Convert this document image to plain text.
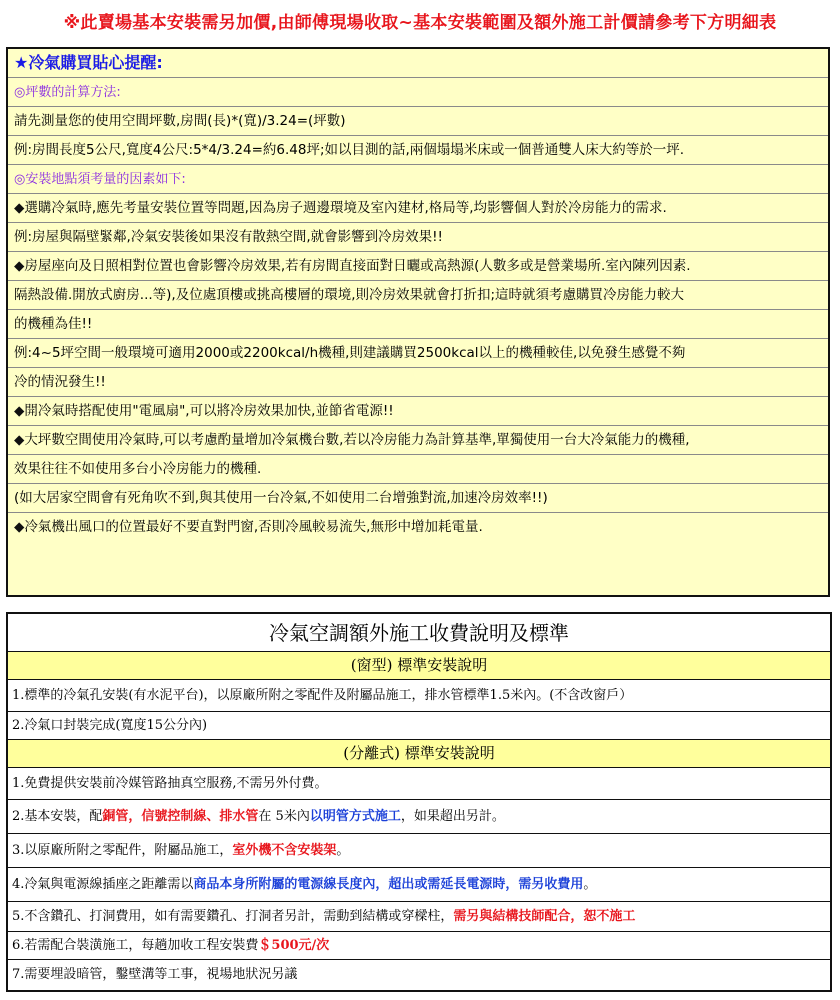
※此賣場基本安裝需另加價,由師傅現場收取~基本安裝範圍及額外施工計價請參考下方明細表
★冷氣購買貼心提醒:
◎坪數的計算方法:
請先測量您的使用空間坪數,房間(長)*(寬)/3.24=(坪數)
例:房間長度5公尺,寬度4公尺:5*4/3.24=約6.48坪;如以目測的話,兩個塌塌米床或一個普通雙人床大約等於一坪.
◎安裝地點須考量的因素如下:
◆選購冷氣時,應先考量安裝位置等問題,因為房子週邊環境及室內建材,格局等,均影響個人對於冷房能力的需求.
例:房屋與隔壁緊鄰,冷氣安裝後如果沒有散熱空間,就會影響到冷房效果!!
◆房屋座向及日照相對位置也會影響冷房效果,若有房間直接面對日曬或高熱源(人數多或是營業場所.室內陳列因素.
隔熱設備.開放式廚房...等),及位處頂樓或挑高樓層的環境,則冷房效果就會打折扣;這時就須考慮購買冷房能力較大
的機種為佳!!
例:4~5坪空間一般環境可適用2000或2200kcal/h機種,則建議購買2500kcal以上的機種較佳,以免發生感覺不夠
冷的情況發生!!
◆開冷氣時搭配使用"電風扇",可以將冷房效果加快,並節省電源!!
◆大坪數空間使用冷氣時,可以考慮酌量增加冷氣機台數,若以冷房能力為計算基準,單獨使用一台大冷氣能力的機種,
效果往往不如使用多台小冷房能力的機種.
(如大居家空間會有死角吹不到,與其使用一台冷氣,不如使用二台增強對流,加速冷房效率!!)
◆冷氣機出風口的位置最好不要直對門窗,否則冷風較易流失,無形中增加耗電量.
冷氣空調額外施工收費說明及標準
(窗型) 標準安裝說明
1.標準的冷氣孔安裝(有水泥平台)，以原廠所附之零配件及附屬品施工，排水管標準1.5米內。(不含改窗戶）
2.冷氣口封裝完成(寬度15公分內)
(分離式) 標準安裝說明
1.免費提供安裝前冷媒管路抽真空服務,不需另外付費。
2.基本安裝，配銅管，信號控制線、排水管在 5米內以明管方式施工，如果超出另計。
3.以原廠所附之零配件，附屬品施工，室外機不含安裝架。
4.冷氣與電源線插座之距離需以商品本身所附屬的電源線長度內，超出或需延長電源時，需另收費用。
5.不含鑽孔、打洞費用，如有需要鑽孔、打洞者另計，需動到結構或穿樑柱，需另與結構技師配合，恕不施工
6.若需配合裝潢施工，每趟加收工程安裝費＄500元/次
7.需要埋設暗管，鑿壁溝等工事，視場地狀況另議
